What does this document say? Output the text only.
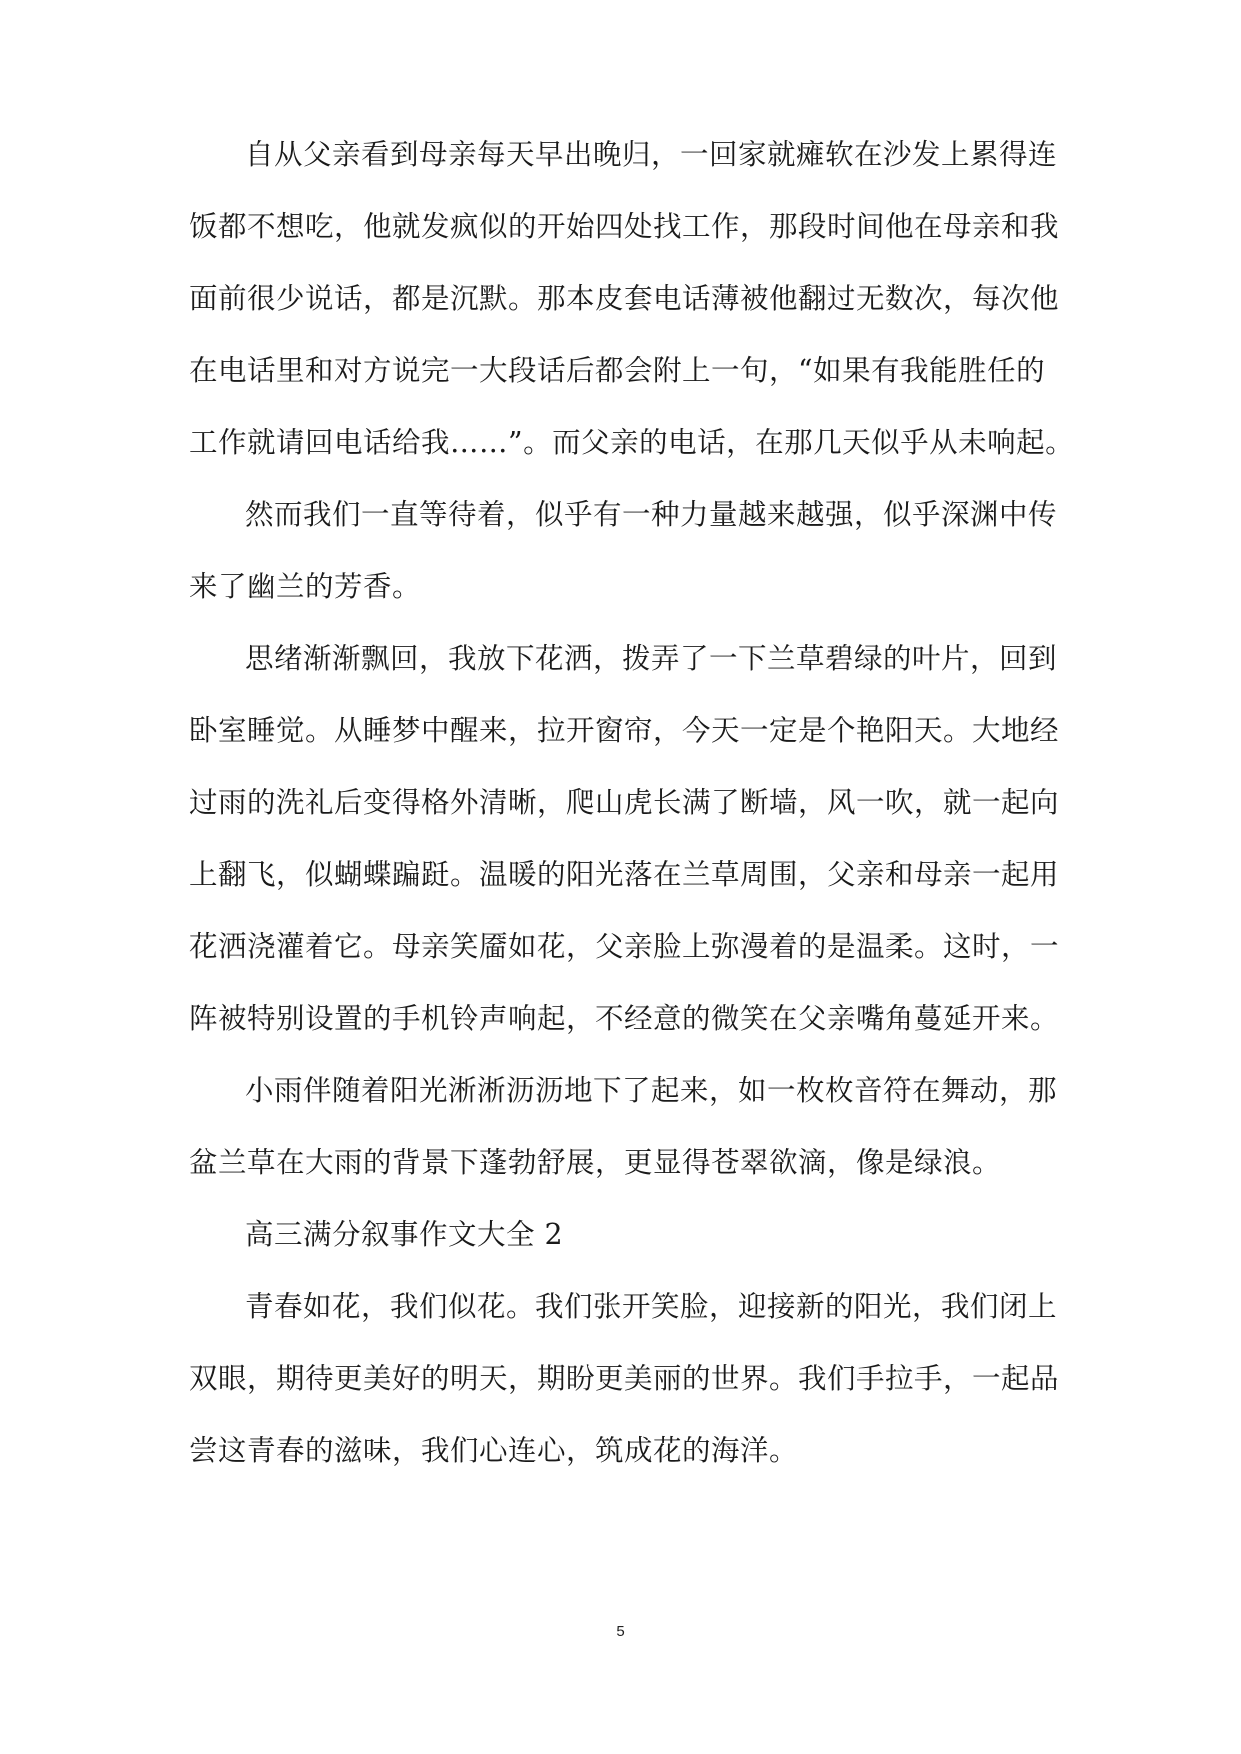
自从父亲看到母亲每天早出晚归，一回家就瘫软在沙发上累得连
饭都不想吃，他就发疯似的开始四处找工作，那段时间他在母亲和我
面前很少说话，都是沉默。那本皮套电话薄被他翻过无数次，每次他
在电话里和对方说完一大段话后都会附上一句，“如果有我能胜任的
工作就请回电话给我……”。而父亲的电话，在那几天似乎从未响起。
然而我们一直等待着，似乎有一种力量越来越强，似乎深渊中传
来了幽兰的芳香。
思绪渐渐飘回，我放下花洒，拨弄了一下兰草碧绿的叶片，回到
卧室睡觉。从睡梦中醒来，拉开窗帘，今天一定是个艳阳天。大地经
过雨的洗礼后变得格外清晰，爬山虎长满了断墙，风一吹，就一起向
上翻飞，似蝴蝶蹁跹。温暖的阳光落在兰草周围，父亲和母亲一起用
花洒浇灌着它。母亲笑靥如花，父亲脸上弥漫着的是温柔。这时，一
阵被特别设置的手机铃声响起，不经意的微笑在父亲嘴角蔓延开来。
小雨伴随着阳光淅淅沥沥地下了起来，如一枚枚音符在舞动，那
盆兰草在大雨的背景下蓬勃舒展，更显得苍翠欲滴，像是绿浪。
高三满分叙事作文大全 2
青春如花，我们似花。我们张开笑脸，迎接新的阳光，我们闭上
双眼，期待更美好的明天，期盼更美丽的世界。我们手拉手，一起品
尝这青春的滋味，我们心连心，筑成花的海洋。
5
